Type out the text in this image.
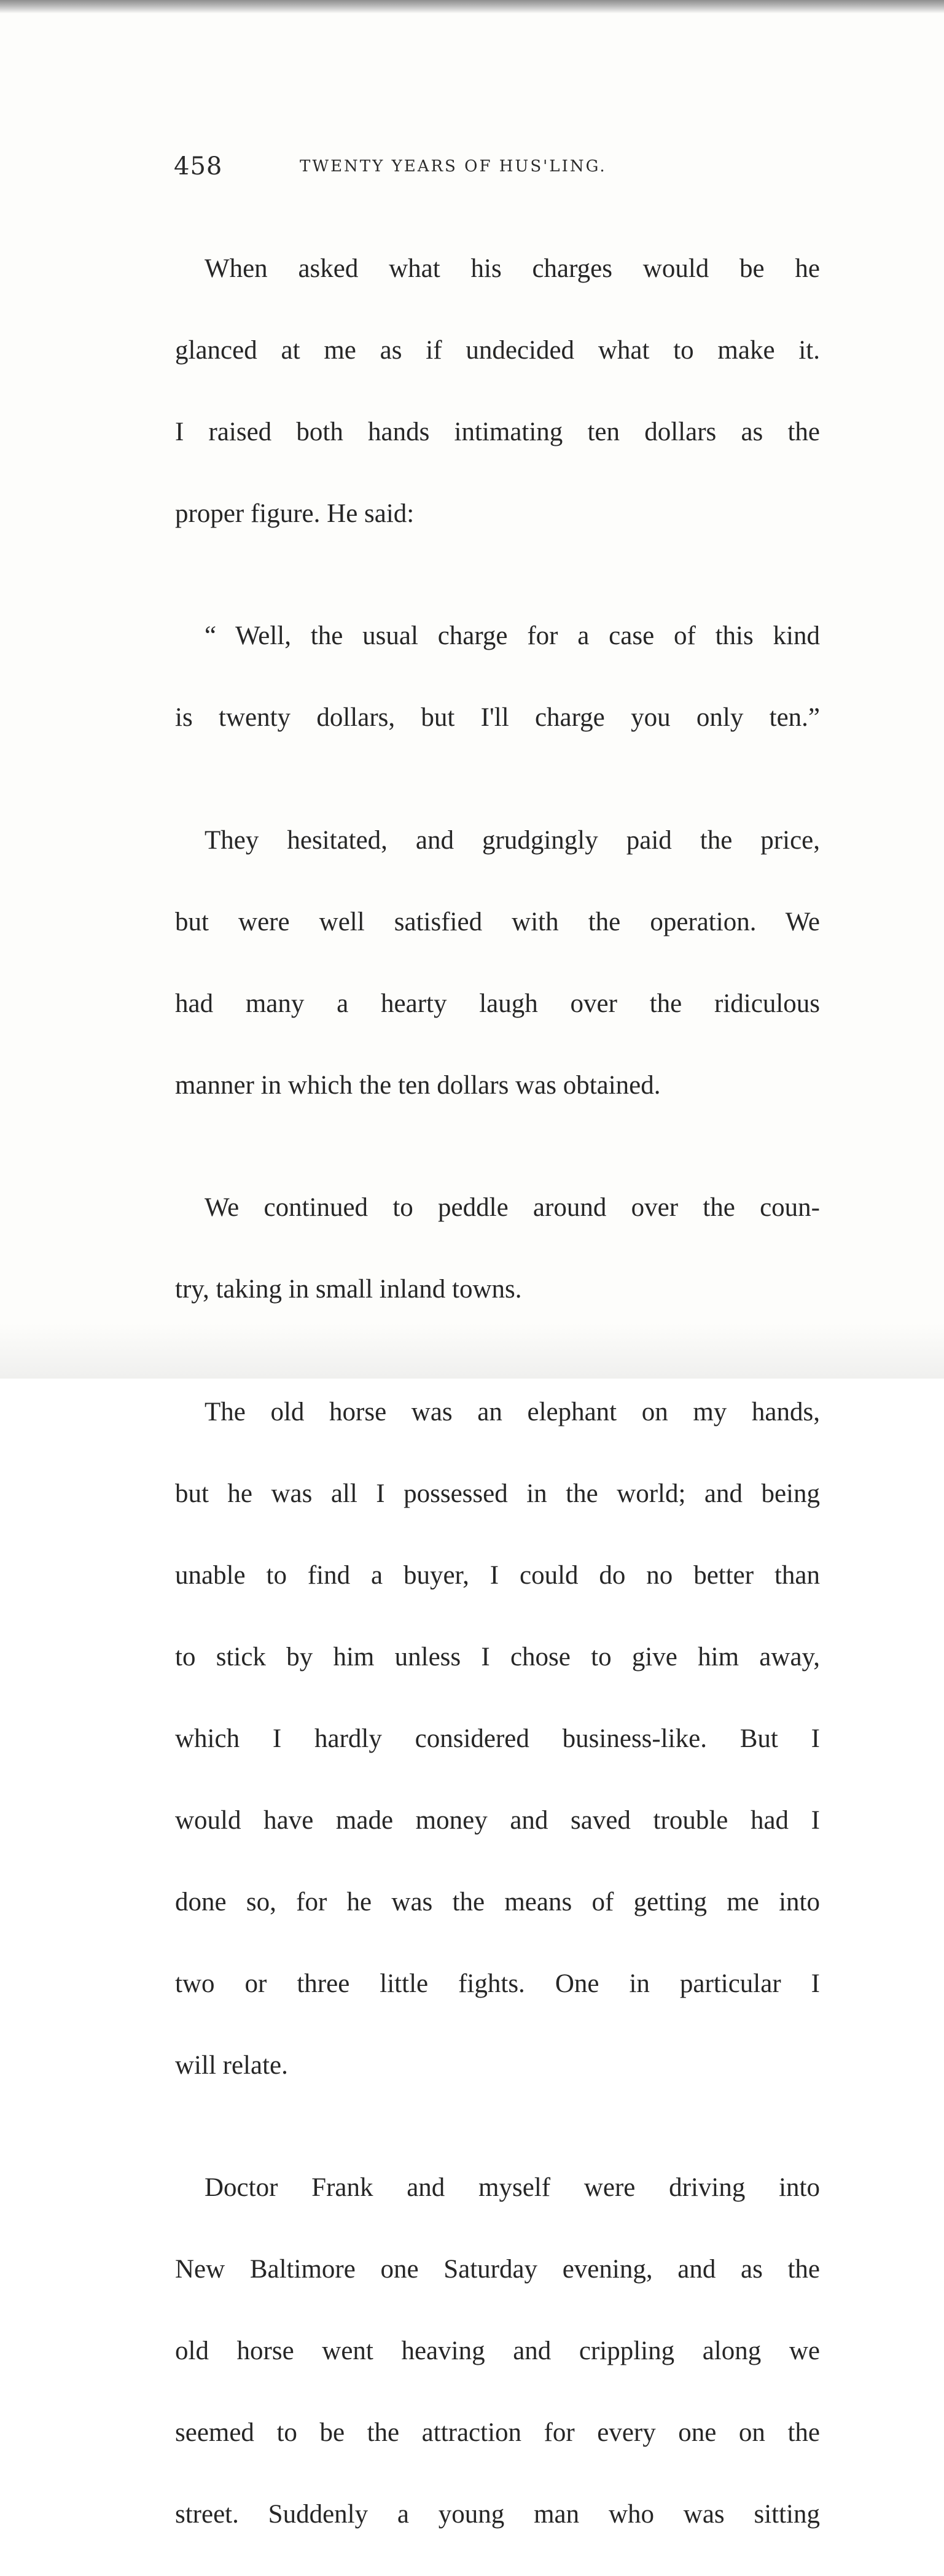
458	TWENTY YEARS OF HUS'LING.

When asked what his charges would be he

glanced at me as if undecided what to make it.

I raised both hands intimating ten dollars as the

proper figure. He said:

“ Well, the usual charge for a case of this kind

is twenty dollars, but I'll charge you only ten.”

They hesitated, and grudgingly paid the price,

but were well satisfied with the operation. We

had many a hearty laugh over the ridiculous

manner in which the ten dollars was obtained.

We continued to peddle around over the coun-

try, taking in small inland towns.

The old horse was an elephant on my hands,

but he was all I possessed in the world; and being

unable to find a buyer, I could do no better than

to stick by him unless I chose to give him away,

which I hardly considered business-like. But I

would have made money and saved trouble had I

done so, for he was the means of getting me into

two or three little fights. One in particular I

will relate.

Doctor Frank and myself were driving into

New Baltimore one Saturday evening, and as the

old horse went heaving and crippling along we

seemed to be the attraction for every one on the

street. Suddenly a young man who was sitting
